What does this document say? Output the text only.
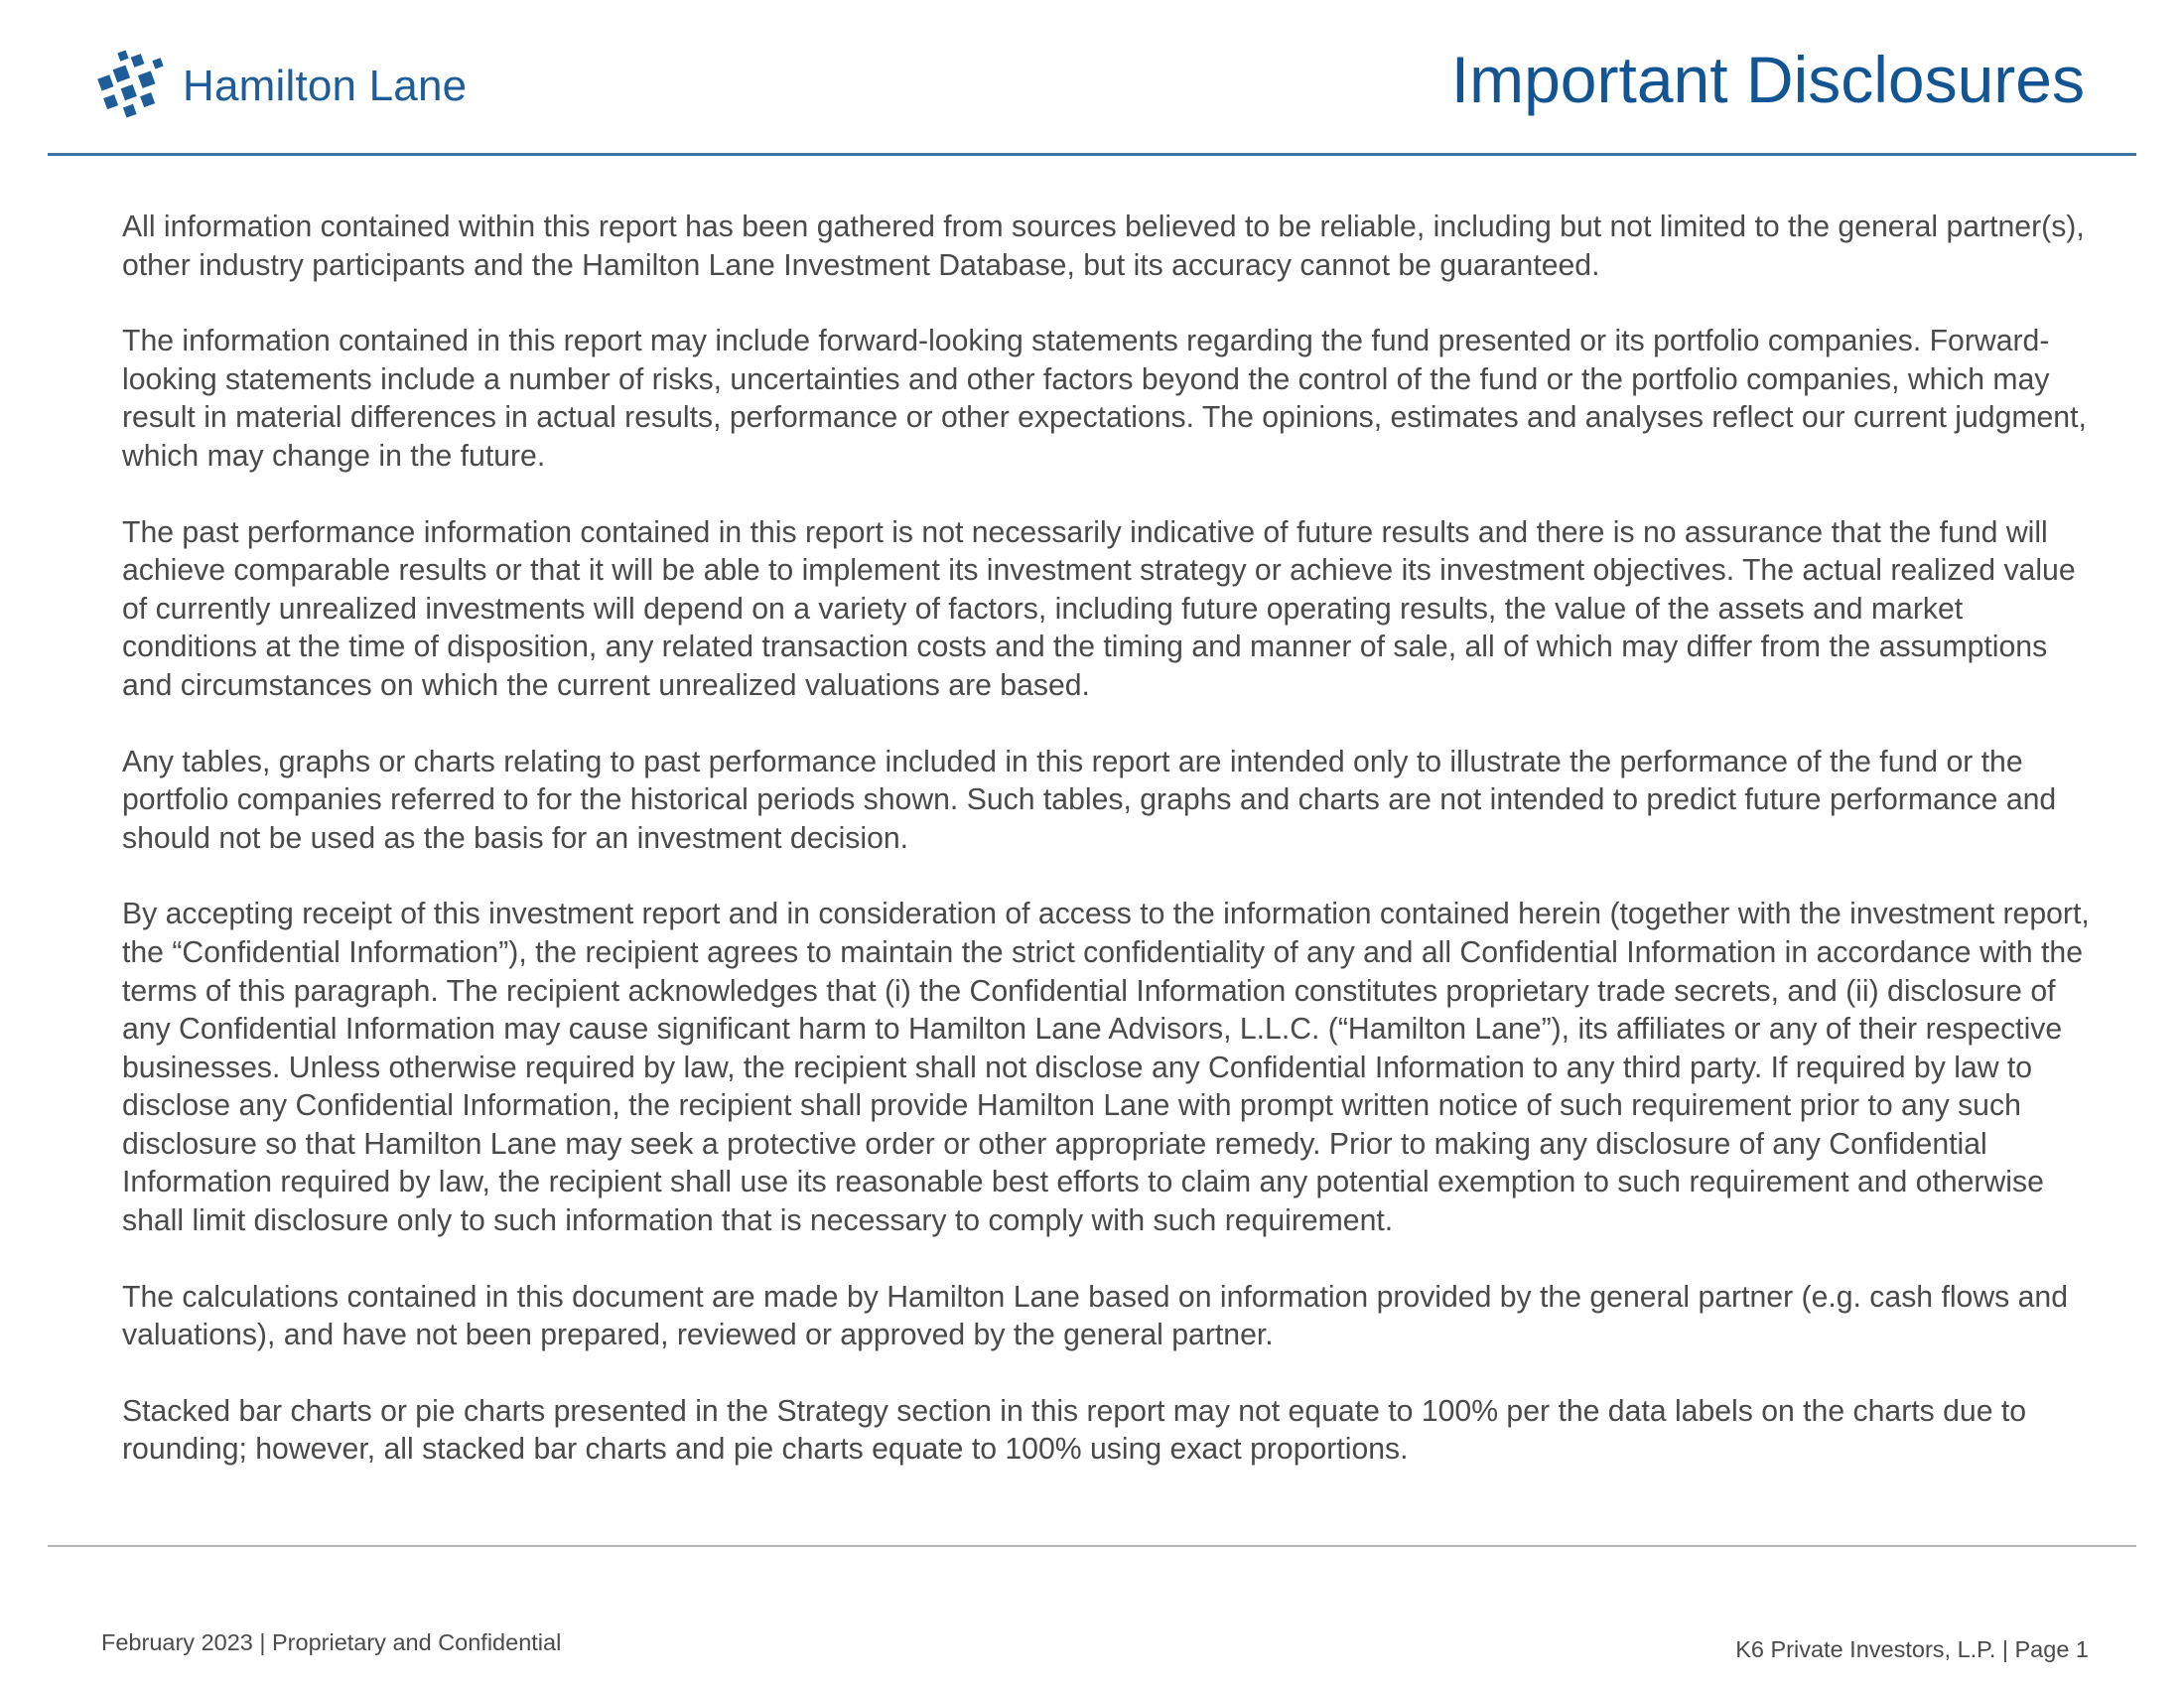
Hamilton Lane	Important Disclosures

All information contained within this report has been gathered from sources believed to be reliable, including but not limited to the general partner(s), other industry participants and the Hamilton Lane Investment Database, but its accuracy cannot be guaranteed.

The information contained in this report may include forward-looking statements regarding the fund presented or its portfolio companies. Forward-looking statements include a number of risks, uncertainties and other factors beyond the control of the fund or the portfolio companies, which may result in material differences in actual results, performance or other expectations. The opinions, estimates and analyses reflect our current judgment, which may change in the future.

The past performance information contained in this report is not necessarily indicative of future results and there is no assurance that the fund will achieve comparable results or that it will be able to implement its investment strategy or achieve its investment objectives. The actual realized value of currently unrealized investments will depend on a variety of factors, including future operating results, the value of the assets and market conditions at the time of disposition, any related transaction costs and the timing and manner of sale, all of which may differ from the assumptions and circumstances on which the current unrealized valuations are based.

Any tables, graphs or charts relating to past performance included in this report are intended only to illustrate the performance of the fund or the portfolio companies referred to for the historical periods shown. Such tables, graphs and charts are not intended to predict future performance and should not be used as the basis for an investment decision.

By accepting receipt of this investment report and in consideration of access to the information contained herein (together with the investment report, the “Confidential Information”), the recipient agrees to maintain the strict confidentiality of any and all Confidential Information in accordance with the terms of this paragraph. The recipient acknowledges that (i) the Confidential Information constitutes proprietary trade secrets, and (ii) disclosure of any Confidential Information may cause significant harm to Hamilton Lane Advisors, L.L.C. (“Hamilton Lane”), its affiliates or any of their respective businesses. Unless otherwise required by law, the recipient shall not disclose any Confidential Information to any third party. If required by law to disclose any Confidential Information, the recipient shall provide Hamilton Lane with prompt written notice of such requirement prior to any such disclosure so that Hamilton Lane may seek a protective order or other appropriate remedy. Prior to making any disclosure of any Confidential Information required by law, the recipient shall use its reasonable best efforts to claim any potential exemption to such requirement and otherwise shall limit disclosure only to such information that is necessary to comply with such requirement.

The calculations contained in this document are made by Hamilton Lane based on information provided by the general partner (e.g. cash flows and valuations), and have not been prepared, reviewed or approved by the general partner.

Stacked bar charts or pie charts presented in the Strategy section in this report may not equate to 100% per the data labels on the charts due to rounding; however, all stacked bar charts and pie charts equate to 100% using exact proportions.

February 2023 | Proprietary and Confidential	K6 Private Investors, L.P. | Page 1
